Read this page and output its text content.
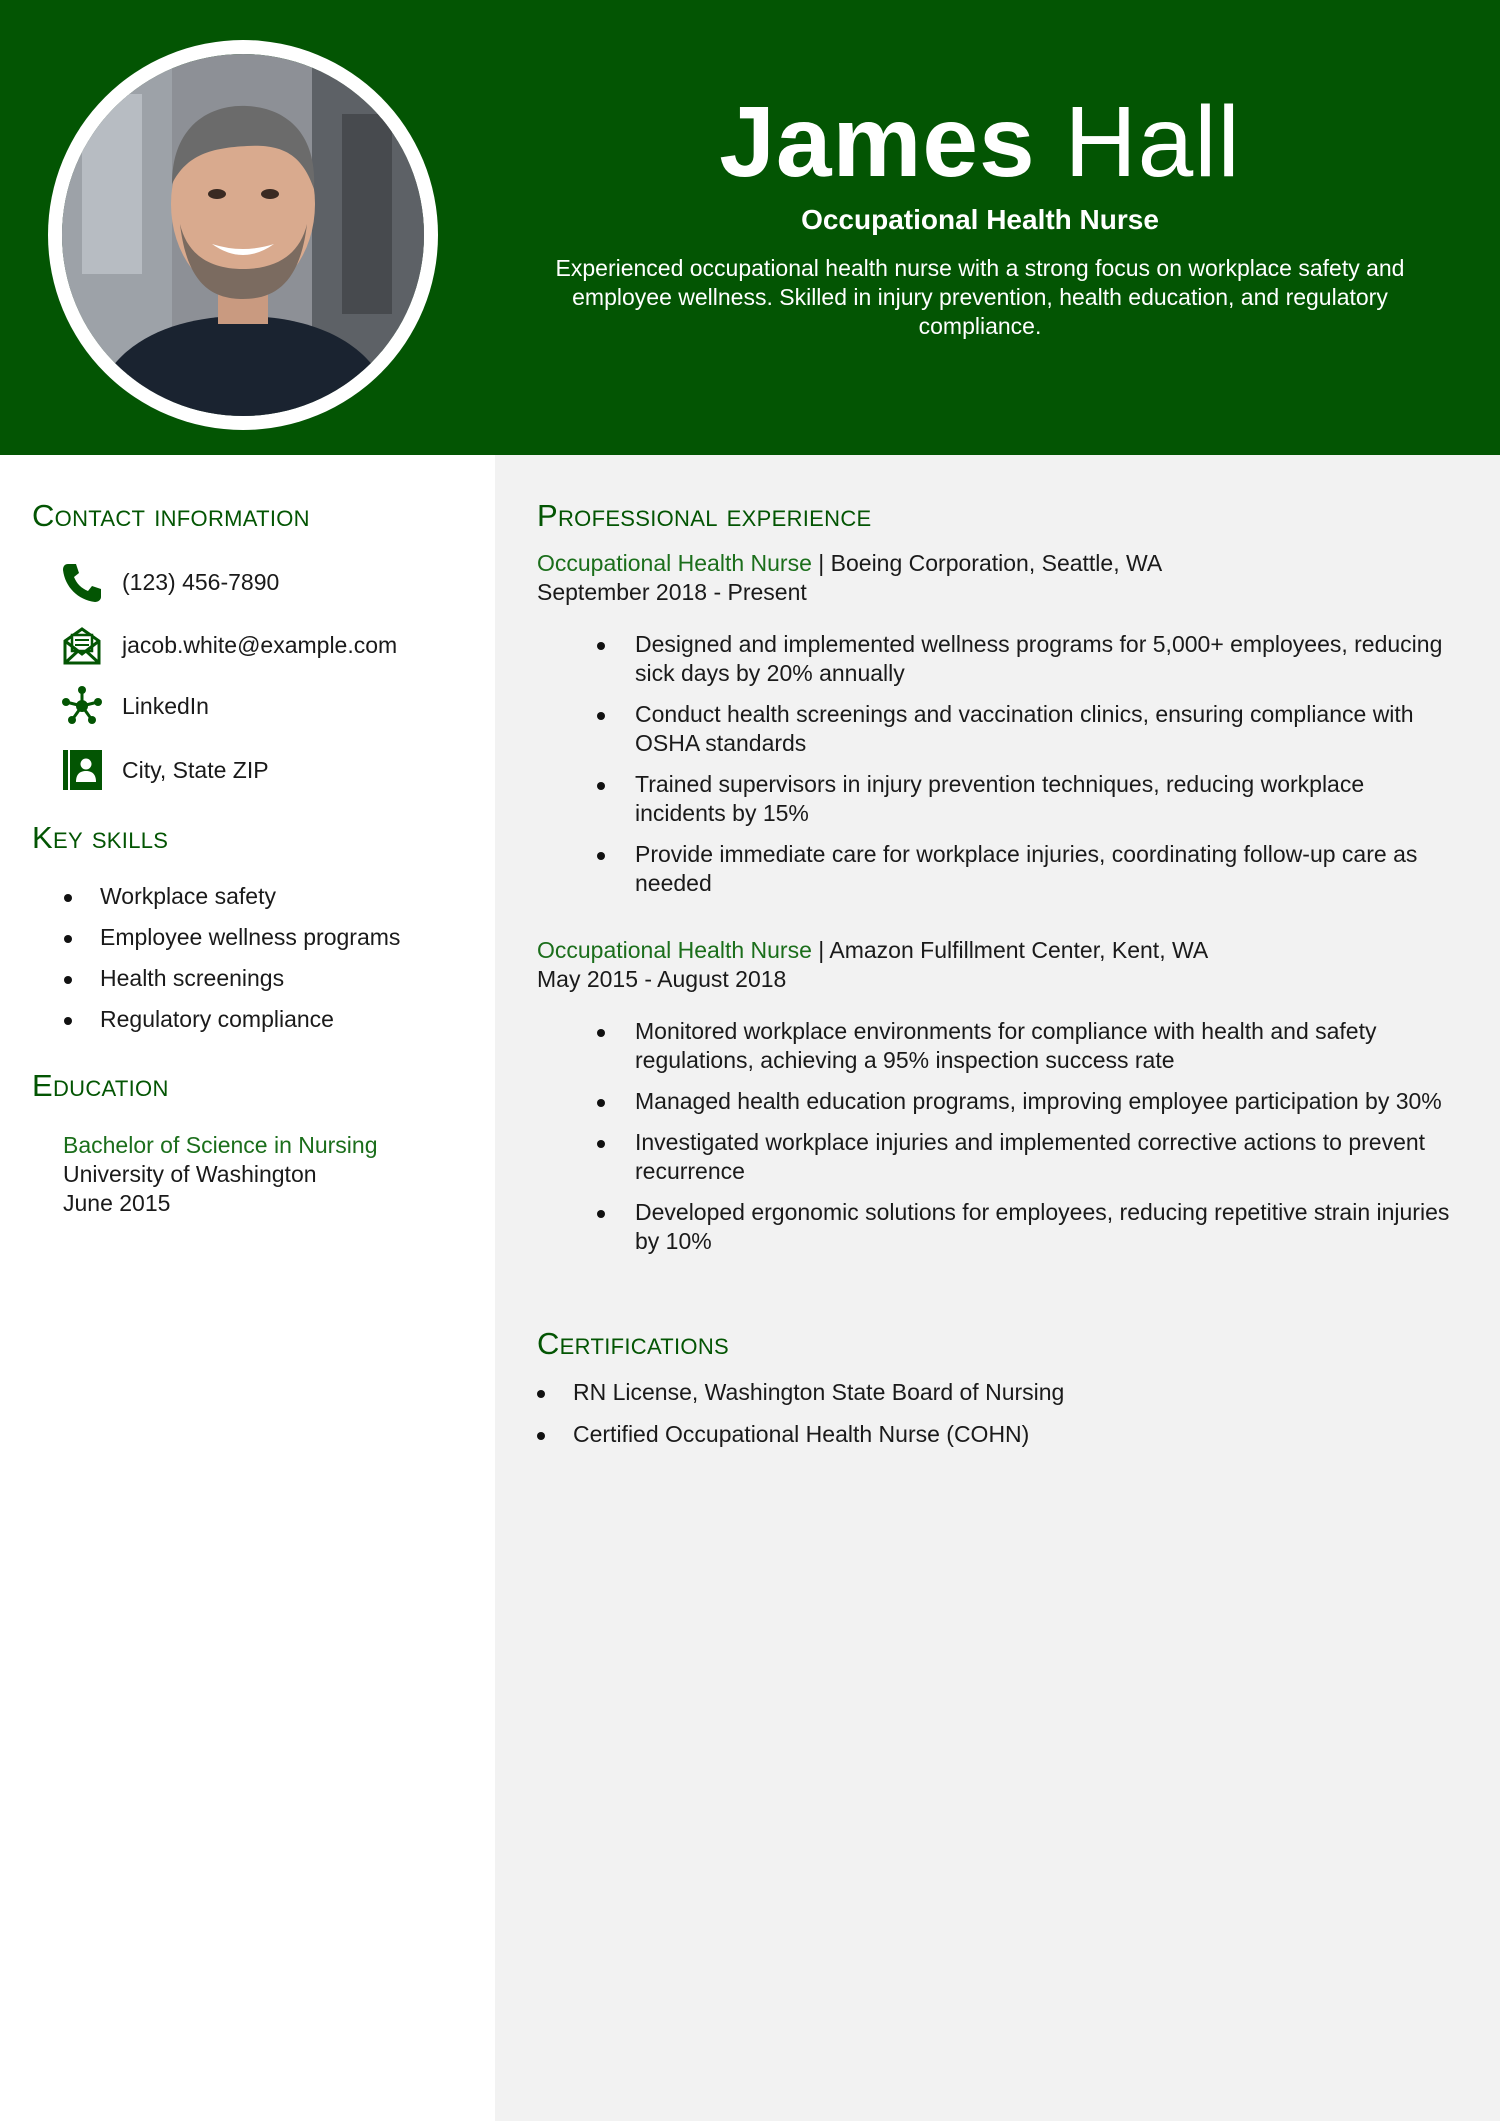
James Hall
Occupational Health Nurse
Experienced occupational health nurse with a strong focus on workplace safety and employee wellness. Skilled in injury prevention, health education, and regulatory compliance.
Contact information
(123) 456-7890
jacob.white@example.com
LinkedIn
City, State ZIP
Key skills
Workplace safety
Employee wellness programs
Health screenings
Regulatory compliance
Education
Bachelor of Science in Nursing
University of Washington
June 2015
Professional experience
Occupational Health Nurse | Boeing Corporation, Seattle, WA
September 2018 - Present
Designed and implemented wellness programs for 5,000+ employees, reducing sick days by 20% annually
Conduct health screenings and vaccination clinics, ensuring compliance with OSHA standards
Trained supervisors in injury prevention techniques, reducing workplace incidents by 15%
Provide immediate care for workplace injuries, coordinating follow-up care as needed
Occupational Health Nurse | Amazon Fulfillment Center, Kent, WA
May 2015 - August 2018
Monitored workplace environments for compliance with health and safety regulations, achieving a 95% inspection success rate
Managed health education programs, improving employee participation by 30%
Investigated workplace injuries and implemented corrective actions to prevent recurrence
Developed ergonomic solutions for employees, reducing repetitive strain injuries by 10%
Certifications
RN License, Washington State Board of Nursing
Certified Occupational Health Nurse (COHN)
